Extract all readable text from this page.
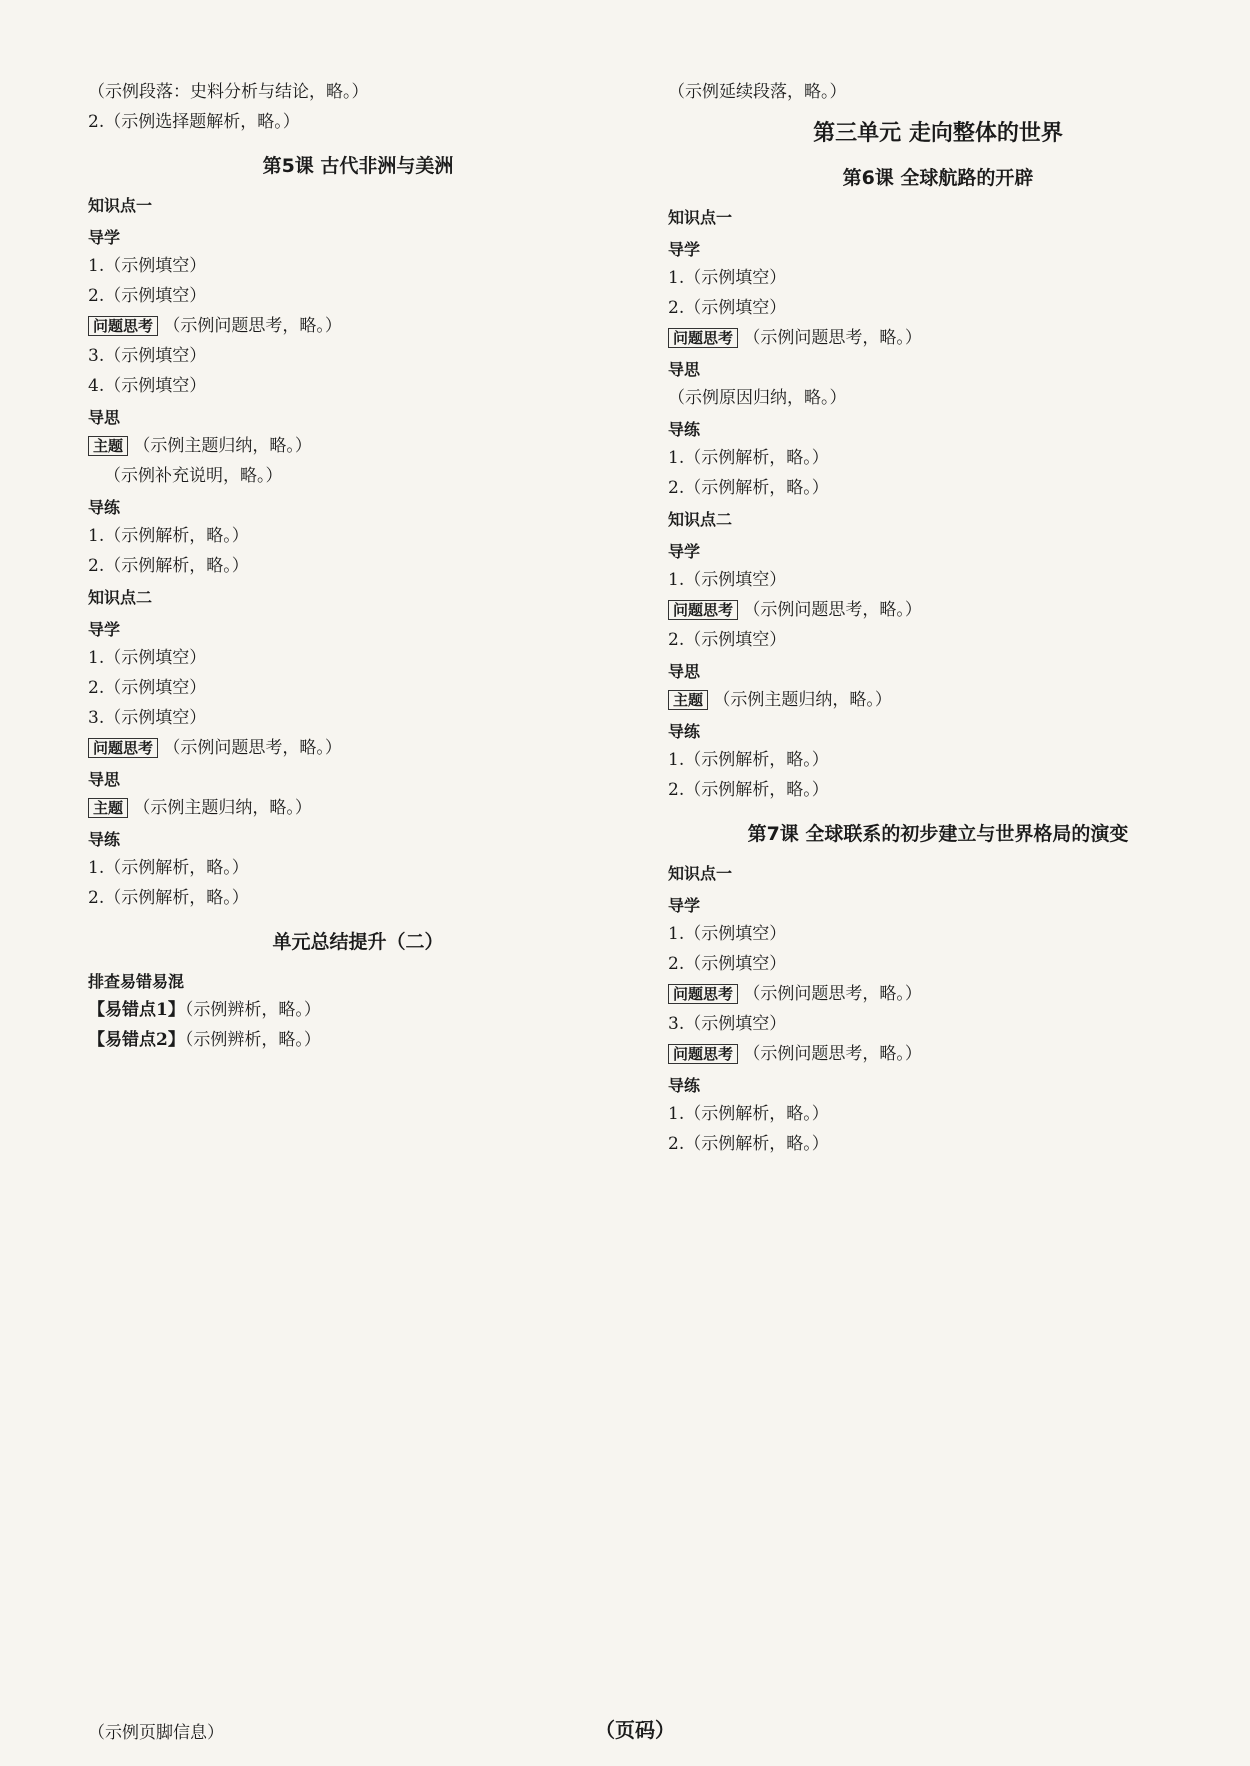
（示例段落：史料分析与结论，略。）

2.（示例选择题解析，略。）

第5课 古代非洲与美洲
知识点一
导学

1.（示例填空）

2.（示例填空）

问题思考 （示例问题思考，略。）

3.（示例填空）

4.（示例填空）

导思

主题 （示例主题归纳，略。）

（示例补充说明，略。）

导练

1.（示例解析，略。）

2.（示例解析，略。）

知识点二
导学

1.（示例填空）

2.（示例填空）

3.（示例填空）

问题思考 （示例问题思考，略。）

导思

主题 （示例主题归纳，略。）

导练

1.（示例解析，略。）

2.（示例解析，略。）

单元总结提升（二）
排查易错易混

【易错点1】（示例辨析，略。）

【易错点2】（示例辨析，略。）

（示例延续段落，略。）

第三单元 走向整体的世界
第6课 全球航路的开辟
知识点一
导学

1.（示例填空）

2.（示例填空）

问题思考 （示例问题思考，略。）

导思

（示例原因归纳，略。）

导练

1.（示例解析，略。）

2.（示例解析，略。）

知识点二
导学

1.（示例填空）

问题思考 （示例问题思考，略。）

2.（示例填空）

导思

主题 （示例主题归纳，略。）

导练

1.（示例解析，略。）

2.（示例解析，略。）

第7课 全球联系的初步建立与世界格局的演变
知识点一
导学

1.（示例填空）

2.（示例填空）

问题思考 （示例问题思考，略。）

3.（示例填空）

问题思考 （示例问题思考，略。）

导练

1.（示例解析，略。）

2.（示例解析，略。）

（示例页脚信息）	（页码）
